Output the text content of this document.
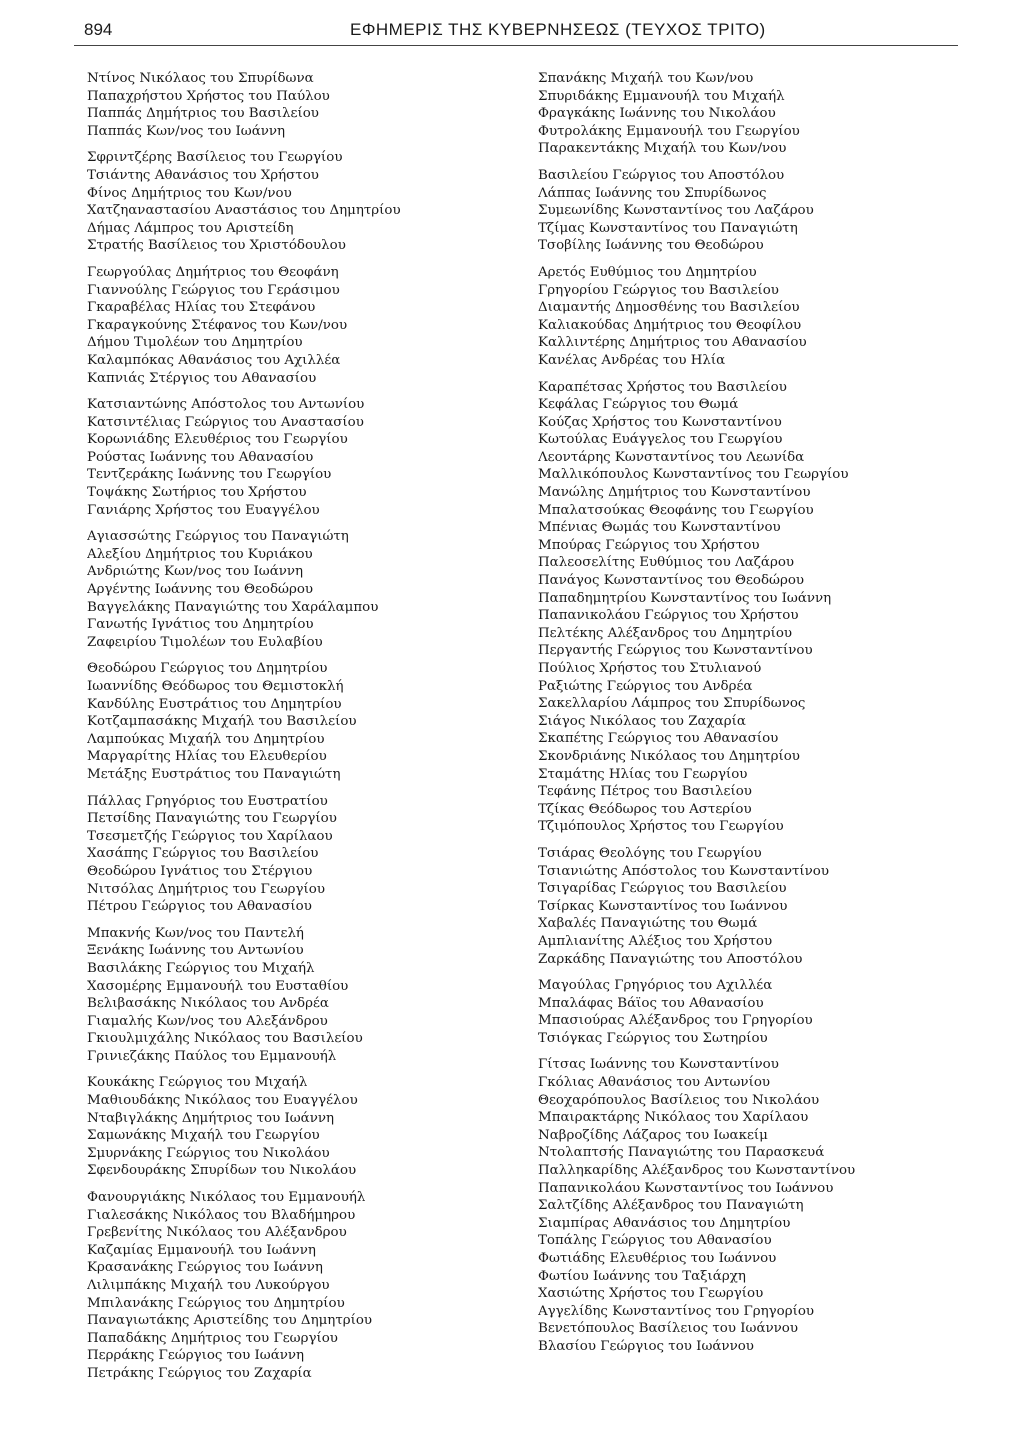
894	ΕΦΗΜΕΡΙΣ ΤΗΣ ΚΥΒΕΡΝΗΣΕΩΣ (ΤΕΥΧΟΣ ΤΡΙΤΟ)
Ντίνος Νικόλαος του Σπυρίδωνα
Παπαχρήστου Χρήστος του Παύλου
Παππάς Δημήτριος του Βασιλείου
Παππάς Κων/νος του Ιωάννη
Σφριντζέρης Βασίλειος του Γεωργίου
Τσιάντης Αθανάσιος του Χρήστου
Φίνος Δημήτριος του Κων/νου
Χατζηαναστασίου Αναστάσιος του Δημητρίου
Δήμας Λάμπρος του Αριστείδη
Στρατής Βασίλειος του Χριστόδουλου
Γεωργούλας Δημήτριος του Θεοφάνη
Γιαννούλης Γεώργιος του Γεράσιμου
Γκαραβέλας Ηλίας του Στεφάνου
Γκαραγκούνης Στέφανος του Κων/νου
Δήμου Τιμολέων του Δημητρίου
Καλαμπόκας Αθανάσιος του Αχιλλέα
Καπνιάς Στέργιος του Αθανασίου
Κατσιαντώνης Απόστολος του Αντωνίου
Κατσιντέλιας Γεώργιος του Αναστασίου
Κορωνιάδης Ελευθέριος του Γεωργίου
Ρούστας Ιωάννης του Αθανασίου
Τεντζεράκης Ιωάννης του Γεωργίου
Τοψάκης Σωτήριος του Χρήστου
Γανιάρης Χρήστος του Ευαγγέλου
Αγιασσώτης Γεώργιος του Παναγιώτη
Αλεξίου Δημήτριος του Κυριάκου
Ανδριώτης Κων/νος του Ιωάννη
Αργέντης Ιωάννης του Θεοδώρου
Βαγγελάκης Παναγιώτης του Χαράλαμπου
Γανωτής Ιγνάτιος του Δημητρίου
Ζαφειρίου Τιμολέων του Ευλαβίου
Θεοδώρου Γεώργιος του Δημητρίου
Ιωαννίδης Θεόδωρος του Θεμιστοκλή
Κανδύλης Ευστράτιος του Δημητρίου
Κοτζαμπασάκης Μιχαήλ του Βασιλείου
Λαμπούκας Μιχαήλ του Δημητρίου
Μαργαρίτης Ηλίας του Ελευθερίου
Μετάξης Ευστράτιος του Παναγιώτη
Πάλλας Γρηγόριος του Ευστρατίου
Πετσίδης Παναγιώτης του Γεωργίου
Τσεσμετζής Γεώργιος του Χαρίλαου
Χασάπης Γεώργιος του Βασιλείου
Θεοδώρου Ιγνάτιος του Στέργιου
Νιτσόλας Δημήτριος του Γεωργίου
Πέτρου Γεώργιος του Αθανασίου
Μπακνής Κων/νος του Παντελή
Ξενάκης Ιωάννης του Αντωνίου
Βασιλάκης Γεώργιος του Μιχαήλ
Χασομέρης Εμμανουήλ του Ευσταθίου
Βελιβασάκης Νικόλαος του Ανδρέα
Γιαμαλής Κων/νος του Αλεξάνδρου
Γκιουλμιχάλης Νικόλαος του Βασιλείου
Γρινιεζάκης Παύλος του Εμμανουήλ
Κουκάκης Γεώργιος του Μιχαήλ
Μαθιουδάκης Νικόλαος του Ευαγγέλου
Νταβιγλάκης Δημήτριος του Ιωάννη
Σαμωνάκης Μιχαήλ του Γεωργίου
Σμυρνάκης Γεώργιος του Νικολάου
Σφενδουράκης Σπυρίδων του Νικολάου
Φανουργιάκης Νικόλαος του Εμμανουήλ
Γιαλεσάκης Νικόλαος του Βλαδήμηρου
Γρεβενίτης Νικόλαος του Αλέξανδρου
Καζαμίας Εμμανουήλ του Ιωάννη
Κρασανάκης Γεώργιος του Ιωάννη
Λιλιμπάκης Μιχαήλ του Λυκούργου
Μπιλανάκης Γεώργιος του Δημητρίου
Παναγιωτάκης Αριστείδης του Δημητρίου
Παπαδάκης Δημήτριος του Γεωργίου
Περράκης Γεώργιος του Ιωάννη
Πετράκης Γεώργιος του Ζαχαρία
Σπανάκης Μιχαήλ του Κων/νου
Σπυριδάκης Εμμανουήλ του Μιχαήλ
Φραγκάκης Ιωάννης του Νικολάου
Φυτρολάκης Εμμανουήλ του Γεωργίου
Παρακεντάκης Μιχαήλ του Κων/νου
Βασιλείου Γεώργιος του Αποστόλου
Λάππας Ιωάννης του Σπυρίδωνος
Συμεωνίδης Κωνσταντίνος του Λαζάρου
Τζίμας Κωνσταντίνος του Παναγιώτη
Τσοβίλης Ιωάννης του Θεοδώρου
Αρετός Ευθύμιος του Δημητρίου
Γρηγορίου Γεώργιος του Βασιλείου
Διαμαντής Δημοσθένης του Βασιλείου
Καλιακούδας Δημήτριος του Θεοφίλου
Καλλιντέρης Δημήτριος του Αθανασίου
Κανέλας Ανδρέας του Ηλία
Καραπέτσας Χρήστος του Βασιλείου
Κεφάλας Γεώργιος του Θωμά
Κούζας Χρήστος του Κωνσταντίνου
Κωτούλας Ευάγγελος του Γεωργίου
Λεοντάρης Κωνσταντίνος του Λεωνίδα
Μαλλικόπουλος Κωνσταντίνος του Γεωργίου
Μανώλης Δημήτριος του Κωνσταντίνου
Μπαλατσούκας Θεοφάνης του Γεωργίου
Μπένιας Θωμάς του Κωνσταντίνου
Μπούρας Γεώργιος του Χρήστου
Παλεοσελίτης Ευθύμιος του Λαζάρου
Πανάγος Κωνσταντίνος του Θεοδώρου
Παπαδημητρίου Κωνσταντίνος του Ιωάννη
Παπανικολάου Γεώργιος του Χρήστου
Πελτέκης Αλέξανδρος του Δημητρίου
Περγαντής Γεώργιος του Κωνσταντίνου
Πούλιος Χρήστος του Στυλιανού
Ραξιώτης Γεώργιος του Ανδρέα
Σακελλαρίου Λάμπρος του Σπυρίδωνος
Σιάγος Νικόλαος του Ζαχαρία
Σκαπέτης Γεώργιος του Αθανασίου
Σκονδριάνης Νικόλαος του Δημητρίου
Σταμάτης Ηλίας του Γεωργίου
Τεφάνης Πέτρος του Βασιλείου
Τζίκας Θεόδωρος του Αστερίου
Τζιμόπουλος Χρήστος του Γεωργίου
Τσιάρας Θεολόγης του Γεωργίου
Τσιανιώτης Απόστολος του Κωνσταντίνου
Τσιγαρίδας Γεώργιος του Βασιλείου
Τσίρκας Κωνσταντίνος του Ιωάννου
Χαβαλές Παναγιώτης του Θωμά
Αμπλιανίτης Αλέξιος του Χρήστου
Ζαρκάδης Παναγιώτης του Αποστόλου
Μαγούλας Γρηγόριος του Αχιλλέα
Μπαλάφας Βάϊος του Αθανασίου
Μπασιούρας Αλέξανδρος του Γρηγορίου
Τσιόγκας Γεώργιος του Σωτηρίου
Γίτσας Ιωάννης του Κωνσταντίνου
Γκόλιας Αθανάσιος του Αντωνίου
Θεοχαρόπουλος Βασίλειος του Νικολάου
Μπαιρακτάρης Νικόλαος του Χαρίλαου
Ναβροζίδης Λάζαρος του Ιωακείμ
Ντολαπτσής Παναγιώτης του Παρασκευά
Παλληκαρίδης Αλέξανδρος του Κωνσταντίνου
Παπανικολάου Κωνσταντίνος του Ιωάννου
Σαλτζίδης Αλέξανδρος του Παναγιώτη
Σιαμπίρας Αθανάσιος του Δημητρίου
Τοπάλης Γεώργιος του Αθανασίου
Φωτιάδης Ελευθέριος του Ιωάννου
Φωτίου Ιωάννης του Ταξιάρχη
Χασιώτης Χρήστος του Γεωργίου
Αγγελίδης Κωνσταντίνος του Γρηγορίου
Βενετόπουλος Βασίλειος του Ιωάννου
Βλασίου Γεώργιος του Ιωάννου
